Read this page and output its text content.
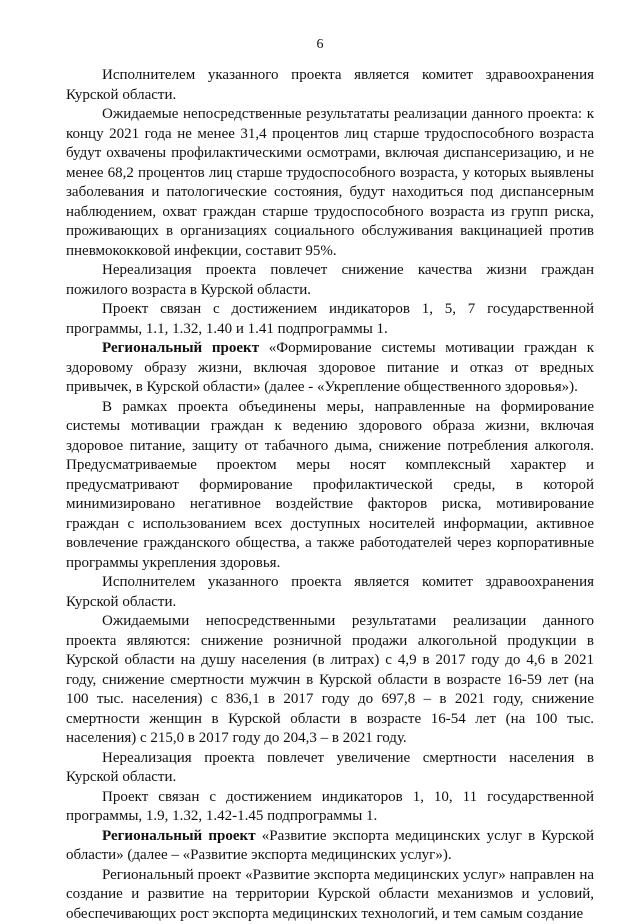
6

Исполнителем указанного проекта является комитет здравоохранения Курской области.

Ожидаемые непосредственные результататы реализации данного проекта: к концу 2021 года не менее 31,4 процентов лиц старше трудоспособного возраста будут охвачены профилактическими осмотрами, включая диспансеризацию, и не менее 68,2 процентов лиц старше трудоспособного возраста, у которых выявлены заболевания и патологические состояния, будут находиться под диспансерным наблюдением, охват граждан старше трудоспособного возраста из групп риска, проживающих в организациях социального обслуживания вакцинацией против пневмококковой инфекции, составит 95%.

Нереализация проекта повлечет снижение качества жизни граждан пожилого возраста в Курской области.

Проект связан с достижением индикаторов 1, 5, 7 государственной программы, 1.1, 1.32, 1.40 и 1.41 подпрограммы 1.

Региональный проект «Формирование системы мотивации граждан к здоровому образу жизни, включая здоровое питание и отказ от вредных привычек, в Курской области» (далее - «Укрепление общественного здоровья»).

В рамках проекта объединены меры, направленные на формирование системы мотивации граждан к ведению здорового образа жизни, включая здоровое питание, защиту от табачного дыма, снижение потребления алкоголя. Предусматриваемые проектом меры носят комплексный характер и предусматривают формирование профилактической среды, в которой минимизировано негативное воздействие факторов риска, мотивирование граждан с использованием всех доступных носителей информации, активное вовлечение гражданского общества, а также работодателей через корпоративные программы укрепления здоровья.

Исполнителем указанного проекта является комитет здравоохранения Курской области.

Ожидаемыми непосредственными результатами реализации данного проекта являются: снижение розничной продажи алкогольной продукции в Курской области на душу населения (в литрах) с 4,9 в 2017 году до 4,6 в 2021 году, снижение смертности мужчин в Курской области в возрасте 16-59 лет (на 100 тыс. населения) с 836,1 в 2017 году до 697,8 – в 2021 году, снижение смертности женщин в Курской области в возрасте 16-54 лет (на 100 тыс. населения) с 215,0 в 2017 году до 204,3 – в 2021 году.

Нереализация проекта повлечет увеличение смертности населения в Курской области.

Проект связан с достижением индикаторов 1, 10, 11 государственной программы, 1.9, 1.32, 1.42-1.45 подпрограммы 1.

Региональный проект «Развитие экспорта медицинских услуг в Курской области» (далее – «Развитие экспорта медицинских услуг»).

Региональный проект «Развитие экспорта медицинских услуг» направлен на создание и развитие на территории Курской области механизмов и условий, обеспечивающих рост экспорта медицинских технологий, и тем самым создание
